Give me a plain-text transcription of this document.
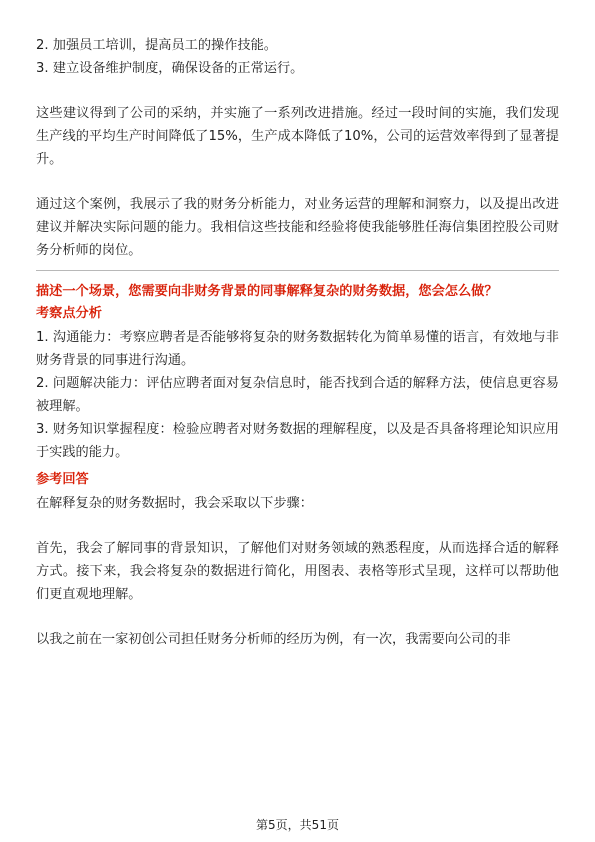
2. 加强员工培训，提高员工的操作技能。

3. 建立设备维护制度，确保设备的正常运行。

这些建议得到了公司的采纳，并实施了一系列改进措施。经过一段时间的实施，我们发现生产线的平均生产时间降低了15%，生产成本降低了10%，公司的运营效率得到了显著提升。

通过这个案例，我展示了我的财务分析能力，对业务运营的理解和洞察力，以及提出改进建议并解决实际问题的能力。我相信这些技能和经验将使我能够胜任海信集团控股公司财务分析师的岗位。

描述一个场景，您需要向非财务背景的同事解释复杂的财务数据，您会怎么做？

考察点分析

1. 沟通能力：考察应聘者是否能够将复杂的财务数据转化为简单易懂的语言，有效地与非财务背景的同事进行沟通。

2. 问题解决能力：评估应聘者面对复杂信息时，能否找到合适的解释方法，使信息更容易被理解。

3. 财务知识掌握程度：检验应聘者对财务数据的理解程度，以及是否具备将理论知识应用于实践的能力。

参考回答

在解释复杂的财务数据时，我会采取以下步骤：

首先，我会了解同事的背景知识，了解他们对财务领域的熟悉程度，从而选择合适的解释方式。接下来，我会将复杂的数据进行简化，用图表、表格等形式呈现，这样可以帮助他们更直观地理解。

以我之前在一家初创公司担任财务分析师的经历为例，有一次，我需要向公司的非

第5页，共51页
